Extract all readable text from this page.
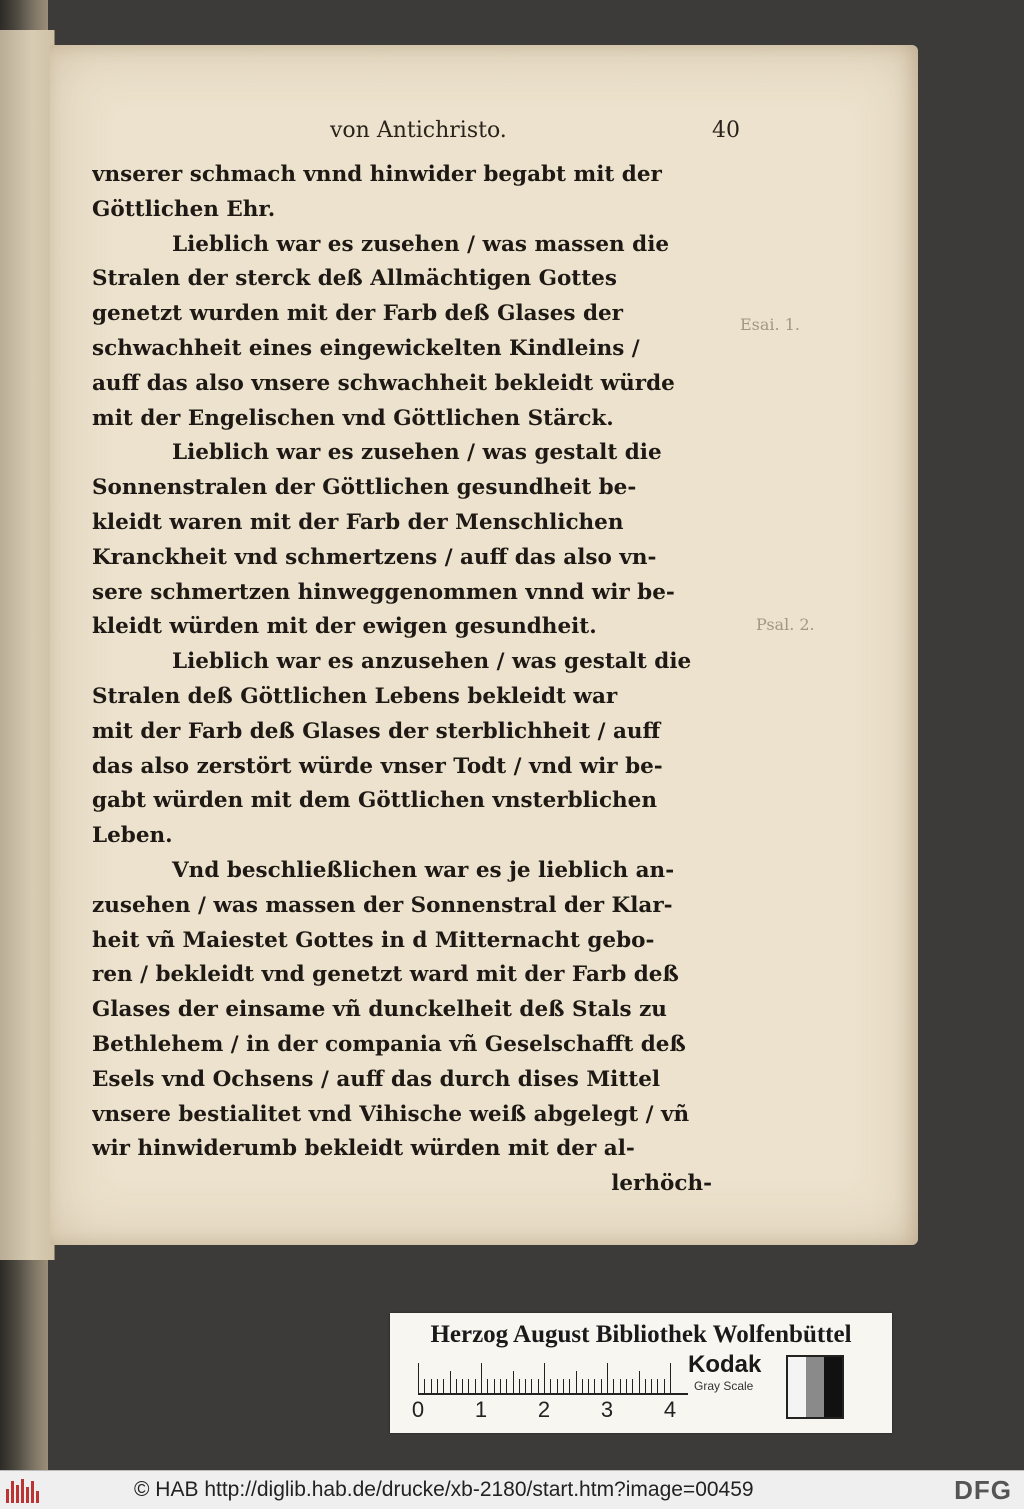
Esai. 1.
Psal. 2.
von Antichristo.	40
vnserer schmach vnnd hinwider begabt mit der
Göttlichen Ehr.
Lieblich war es zusehen / was massen die
Stralen der sterck deß Allmächtigen Gottes
genetzt wurden mit der Farb deß Glases der
schwachheit eines eingewickelten Kindleins /
auff das also vnsere schwachheit bekleidt würde
mit der Engelischen vnd Göttlichen Stärck.
Lieblich war es zusehen / was gestalt die
Sonnenstralen der Göttlichen gesundheit be-
kleidt waren mit der Farb der Menschlichen
Kranckheit vnd schmertzens / auff das also vn-
sere schmertzen hinweggenommen vnnd wir be-
kleidt würden mit der ewigen gesundheit.
Lieblich war es anzusehen / was gestalt die
Stralen deß Göttlichen Lebens bekleidt war
mit der Farb deß Glases der sterblichheit / auff
das also zerstört würde vnser Todt / vnd wir be-
gabt würden mit dem Göttlichen vnsterblichen
Leben.
Vnd beschließlichen war es je lieblich an-
zusehen / was massen der Sonnenstral der Klar-
heit vñ Maiestet Gottes in d Mitternacht gebo-
ren / bekleidt vnd genetzt ward mit der Farb deß
Glases der einsame vñ dunckelheit deß Stals zu
Bethlehem / in der compania vñ Geselschafft deß
Esels vnd Ochsens / auff das durch dises Mittel
vnsere bestialitet vnd Vihische weiß abgelegt / vñ
wir hinwiderumb bekleidt würden mit der al-
lerhöch-
Herzog August Bibliothek Wolfenbüttel
0 1 2 3 4
Kodak
Gray Scale
© HAB http://diglib.hab.de/drucke/xb-2180/start.htm?image=00459	DFG
